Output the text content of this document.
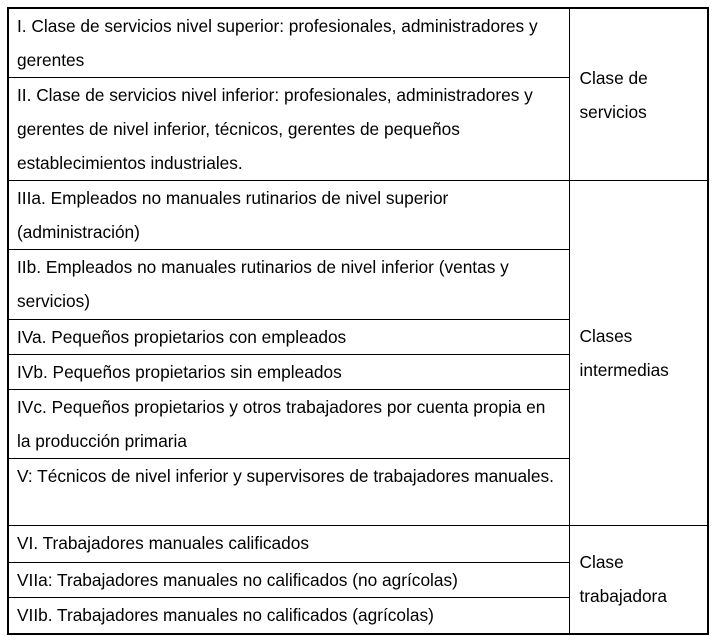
I. Clase de servicios nivel superior: profesionales, administradores y gerentes	Clase de servicios
II. Clase de servicios nivel inferior: profesionales, administradores y gerentes de nivel inferior, técnicos, gerentes de pequeños establecimientos industriales.	
IIIa. Empleados no manuales rutinarios de nivel superior (administración)	Clases intermedias
IIb. Empleados no manuales rutinarios de nivel inferior (ventas y servicios)	
IVa. Pequeños propietarios con empleados	
IVb. Pequeños propietarios sin empleados	
IVc. Pequeños propietarios y otros trabajadores por cuenta propia en la producción primaria	
V: Técnicos de nivel inferior y supervisores de trabajadores manuales.	
VI. Trabajadores manuales calificados	Clase trabajadora
VIIa: Trabajadores manuales no calificados (no agrícolas)	
VIIb. Trabajadores manuales no calificados (agrícolas)	
